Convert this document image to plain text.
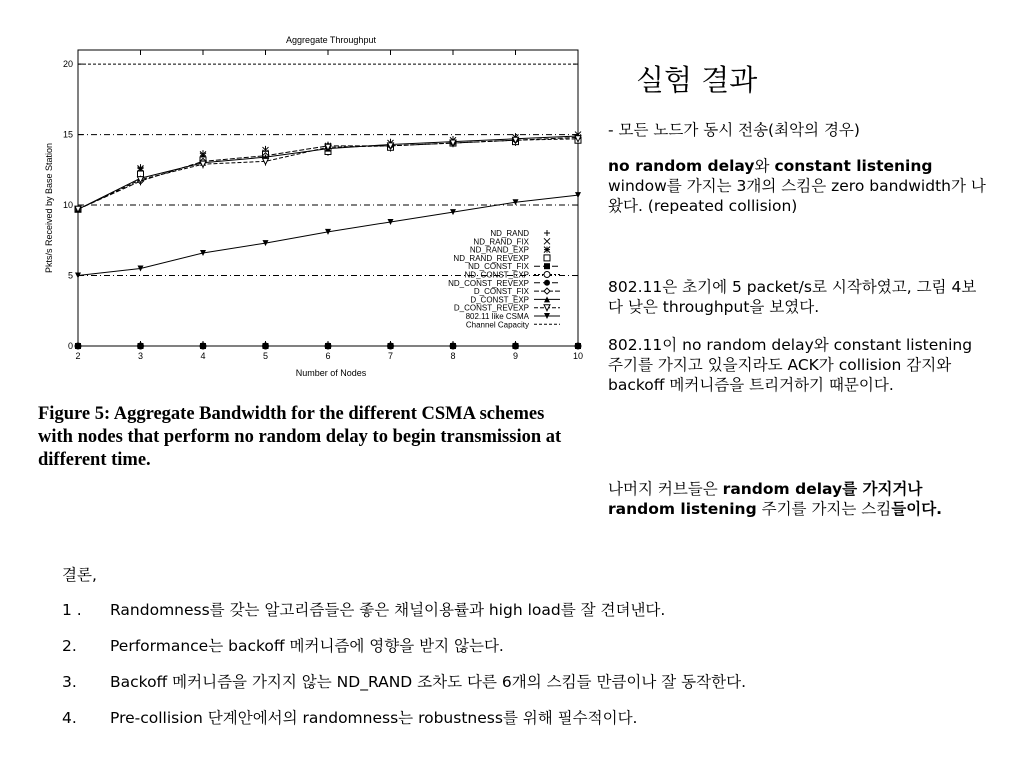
Aggregate Throughput
Pkts/s Received by Base Station
Number of Nodes
0
5
10
15
20
2	3	4	5	6	7	8	9	10
ND_RAND
ND_RAND_FIX
ND_RAND_EXP
ND_RAND_REVEXP
ND_CONST_FIX
ND_CONST_EXP
ND_CONST_REVEXP
D_CONST_FIX
D_CONST_EXP
D_CONST_REVEXP
802.11 like CSMA
Channel Capacity
Figure 5: Aggregate Bandwidth for the different CSMA schemes with nodes that perform no random delay to begin transmission at different time.
실험 결과
- 모든 노드가 동시 전송(최악의 경우)
no random delay와 constant listening window를 가지는 3개의 스킴은 zero bandwidth가 나왔다. (repeated collision)
802.11은 초기에 5 packet/s로 시작하였고, 그림 4보다 낮은 throughput을 보였다.
802.11이 no random delay와 constant listening 주기를 가지고 있을지라도 ACK가 collision 감지와 backoff 메커니즘을 트리거하기 때문이다.
나머지 커브들은 random delay를 가지거나 random listening 주기를 가지는 스킴들이다.
결론,
1 . Randomness를 갖는 알고리즘들은 좋은 채널이용률과 high load를 잘 견뎌낸다.
2. Performance는 backoff 메커니즘에 영향을 받지 않는다.
3. Backoff 메커니즘을 가지지 않는 ND_RAND 조차도 다른 6개의 스킴들 만큼이나 잘 동작한다.
4. Pre-collision 단계안에서의 randomness는 robustness를 위해 필수적이다.
